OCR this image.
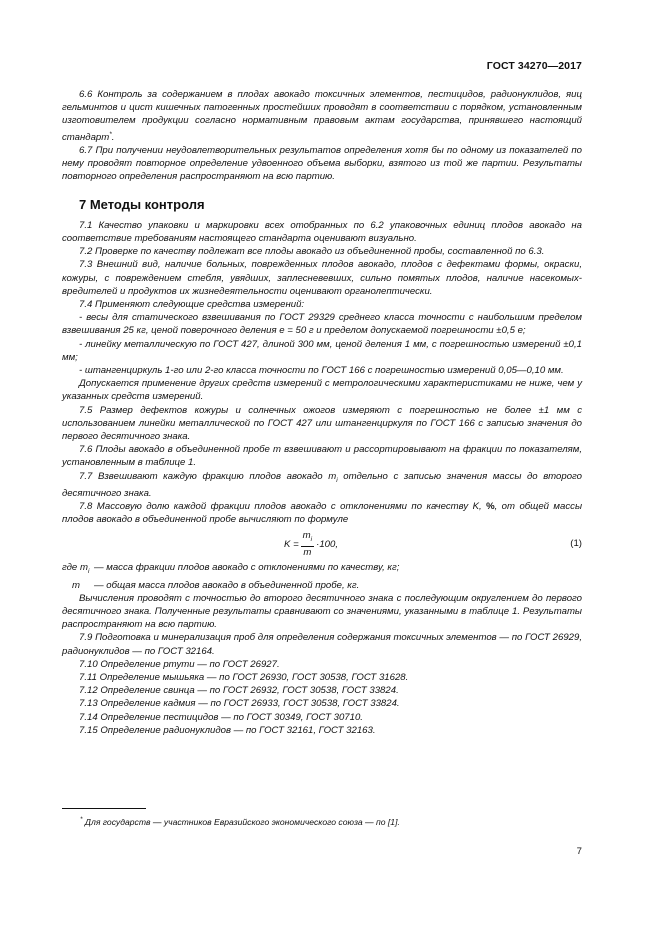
ГОСТ 34270—2017

6.6 Контроль за содержанием в плодах авокадо токсичных элементов, пестицидов, радионуклидов, яиц гельминтов и цист кишечных патогенных простейших проводят в соответствии с порядком, установленным изготовителем продукции согласно нормативным правовым актам государства, принявшего настоящий стандарт*.

6.7 При получении неудовлетворительных результатов определения хотя бы по одному из показателей по нему проводят повторное определение удвоенного объема выборки, взятого из той же партии. Результаты повторного определения распространяют на всю партию.

7 Методы контроля

7.1 Качество упаковки и маркировки всех отобранных по 6.2 упаковочных единиц плодов авокадо на соответствие требованиям настоящего стандарта оценивают визуально.

7.2 Проверке по качеству подлежат все плоды авокадо из объединенной пробы, составленной по 6.3.

7.3 Внешний вид, наличие больных, поврежденных плодов авокадо, плодов с дефектами формы, окраски, кожуры, с повреждением стебля, увядших, заплесневевших, сильно помятых плодов, наличие насекомых-вредителей и продуктов их жизнедеятельности оценивают органолептически.

7.4 Применяют следующие средства измерений:

- весы для статического взвешивания по ГОСТ 29329 среднего класса точности с наибольшим пределом взвешивания 25 кг, ценой поверочного деления e = 50 г и пределом допускаемой погрешности ±0,5 e;

- линейку металлическую по ГОСТ 427, длиной 300 мм, ценой деления 1 мм, с погрешностью измерений ±0,1 мм;

- штангенциркуль 1-го или 2-го класса точности по ГОСТ 166 с погрешностью измерений 0,05—0,10 мм.

Допускается применение других средств измерений с метрологическими характеристиками не ниже, чем у указанных средств измерений.

7.5 Размер дефектов кожуры и солнечных ожогов измеряют с погрешностью не более ±1 мм с использованием линейки металлической по ГОСТ 427 или штангенциркуля по ГОСТ 166 с записью значения до первого десятичного знака.

7.6 Плоды авокадо в объединенной пробе m взвешивают и рассортировывают на фракции по показателям, установленным в таблице 1.

7.7 Взвешивают каждую фракцию плодов авокадо $m_i$ отдельно с записью значения массы до второго десятичного знака.

7.8 Массовую долю каждой фракции плодов авокадо с отклонениями по качеству K, %, от общей массы плодов авокадо в объединенной пробе вычисляют по формуле

$K = \frac{m_i}{m} \cdot 100$,	(1)
где $m_i$ — масса фракции плодов авокадо с отклонениями по качеству, кг;
m	— общая масса плодов авокадо в объединенной пробе, кг.

Вычисления проводят с точностью до второго десятичного знака с последующим округлением до первого десятичного знака. Полученные результаты сравнивают со значениями, указанными в таблице 1. Результаты распространяют на всю партию.

7.9 Подготовка и минерализация проб для определения содержания токсичных элементов — по ГОСТ 26929, радионуклидов — по ГОСТ 32164.

7.10 Определение ртути — по ГОСТ 26927.

7.11 Определение мышьяка — по ГОСТ 26930, ГОСТ 30538, ГОСТ 31628.

7.12 Определение свинца — по ГОСТ 26932, ГОСТ 30538, ГОСТ 33824.

7.13 Определение кадмия — по ГОСТ 26933, ГОСТ 30538, ГОСТ 33824.

7.14 Определение пестицидов — по ГОСТ 30349, ГОСТ 30710.

7.15 Определение радионуклидов — по ГОСТ 32161, ГОСТ 32163.

* Для государств — участников Евразийского экономического союза — по [1].
7
